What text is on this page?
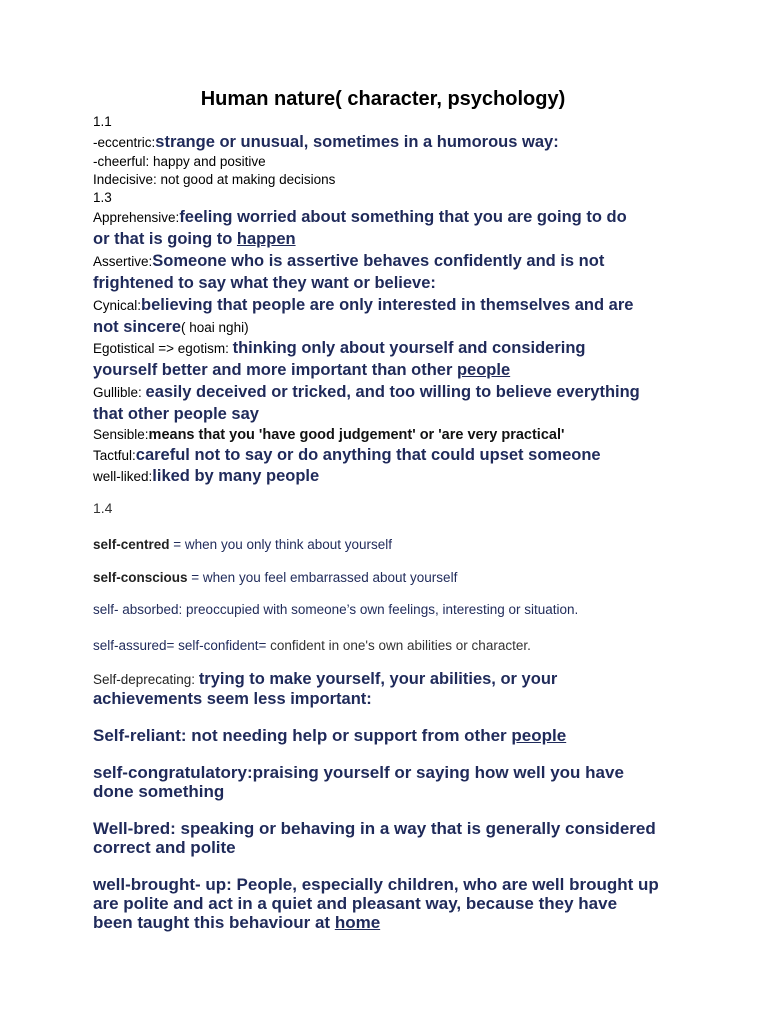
Human nature( character, psychology)
1.1
-eccentric:strange or unusual, sometimes in a humorous way:
-cheerful: happy and positive
Indecisive: not good at making decisions
1.3
Apprehensive:feeling worried about something that you are going to do
or that is going to happen
Assertive:Someone who is assertive behaves confidently and is not
frightened to say what they want or believe:
Cynical:believing that people are only interested in themselves and are
not sincere( hoai nghi)
Egotistical => egotism: thinking only about yourself and considering
yourself better and more important than other people
Gullible: easily deceived or tricked, and too willing to believe everything
that other people say
Sensible:means that you 'have good judgement' or 'are very practical'
Tactful:careful not to say or do anything that could upset someone
well-liked:liked by many people
1.4
self-centred = when you only think about yourself
self-conscious = when you feel embarrassed about yourself
self- absorbed: preoccupied with someone’s own feelings, interesting or situation.
self-assured= self-confident= confident in one's own abilities or character.
Self-deprecating: trying to make yourself, your abilities, or your
achievements seem less important:
Self-reliant: not needing help or support from other people
self-congratulatory:praising yourself or saying how well you have
done something
Well-bred: speaking or behaving in a way that is generally considered
correct and polite
well-brought- up: People, especially children, who are well brought up
are polite and act in a quiet and pleasant way, because they have
been taught this behaviour at home
